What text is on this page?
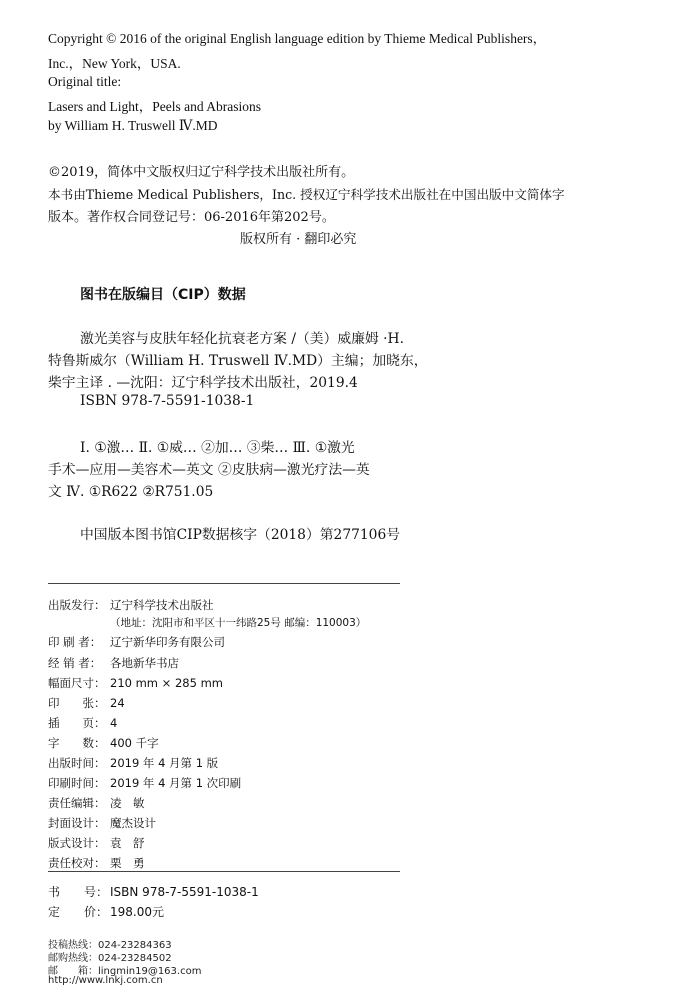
Copyright © 2016 of the original English language edition by Thieme Medical Publishers，
Inc.，New York，USA.
Original title:
Lasers and Light，Peels and Abrasions
by William H. Truswell Ⅳ.MD
©2019，简体中文版权归辽宁科学技术出版社所有。
本书由Thieme Medical Publishers，Inc. 授权辽宁科学技术出版社在中国出版中文简体字
版本。著作权合同登记号：06-2016年第202号。
版权所有 · 翻印必究
图书在版编目（CIP）数据
激光美容与皮肤年轻化抗衰老方案 /（美）威廉姆 ·H.
特鲁斯威尔（William H. Truswell Ⅳ.MD）主编；加晓东，
柴宇主译 . —沈阳：辽宁科学技术出版社，2019.4
ISBN 978-7-5591-1038-1
Ⅰ. ①激… Ⅱ. ①威… ②加… ③柴… Ⅲ. ①激光
手术—应用—美容术—英文 ②皮肤病—激光疗法—英
文 Ⅳ. ①R622 ②R751.05
中国版本图书馆CIP数据核字（2018）第277106号
出版发行： 辽宁科学技术出版社
（地址：沈阳市和平区十一纬路25号 邮编：110003）
印 刷 者： 辽宁新华印务有限公司
经 销 者： 各地新华书店
幅面尺寸： 210 mm × 285 mm
印　　张： 24
插　　页： 4
字　　数： 400 千字
出版时间： 2019 年 4 月第 1 版
印刷时间： 2019 年 4 月第 1 次印刷
责任编辑： 凌　敏
封面设计： 魔杰设计
版式设计： 袁　舒
责任校对： 栗　勇
书　　号： ISBN 978-7-5591-1038-1
定　　价： 198.00元
投稿热线：024-23284363
邮购热线：024-23284502
邮　　箱：lingmin19@163.com
http://www.lnkj.com.cn
